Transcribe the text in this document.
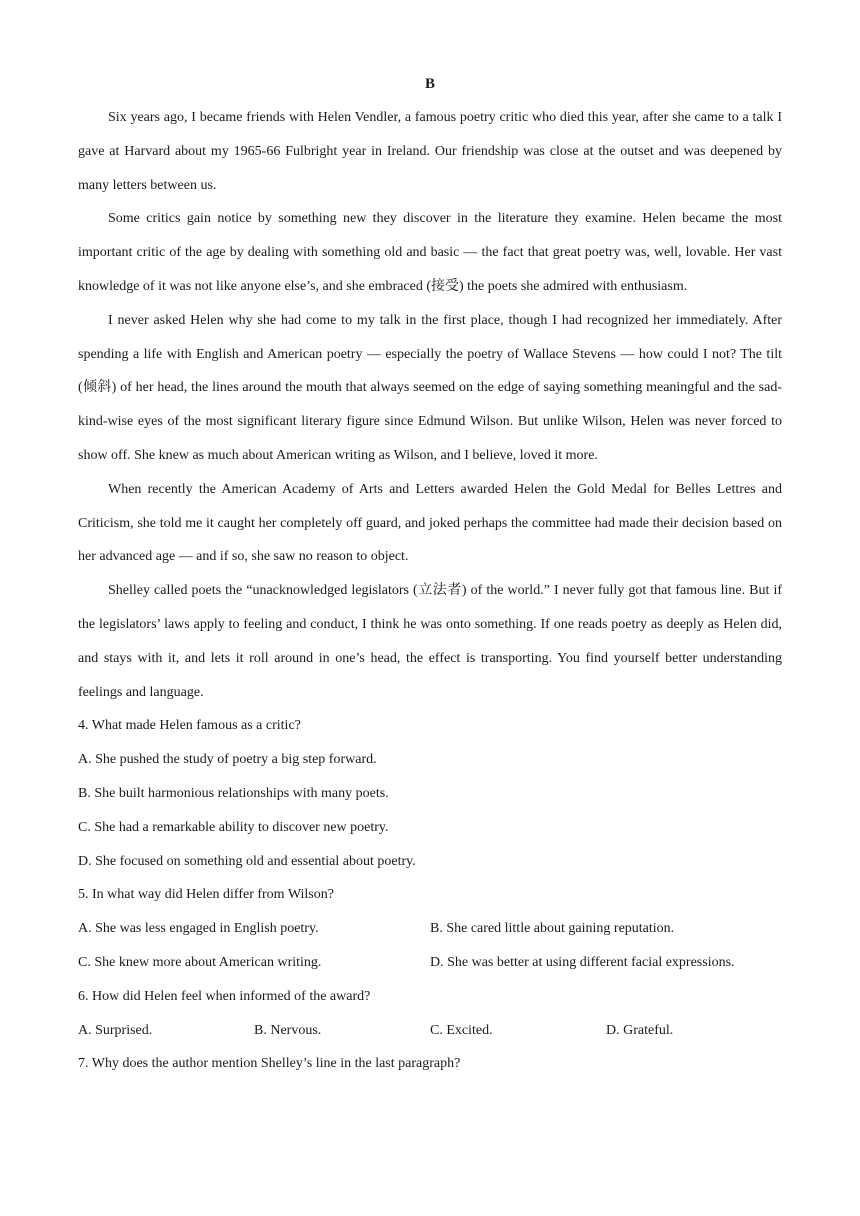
B

Six years ago, I became friends with Helen Vendler, a famous poetry critic who died this year, after she came to a talk I gave at Harvard about my 1965-66 Fulbright year in Ireland. Our friendship was close at the outset and was deepened by many letters between us.

Some critics gain notice by something new they discover in the literature they examine. Helen became the most important critic of the age by dealing with something old and basic — the fact that great poetry was, well, lovable. Her vast knowledge of it was not like anyone else’s, and she embraced (接受) the poets she admired with enthusiasm.

I never asked Helen why she had come to my talk in the first place, though I had recognized her immediately. After spending a life with English and American poetry — especially the poetry of Wallace Stevens — how could I not? The tilt (倾斜) of her head, the lines around the mouth that always seemed on the edge of saying something meaningful and the sad-kind-wise eyes of the most significant literary figure since Edmund Wilson. But unlike Wilson, Helen was never forced to show off. She knew as much about American writing as Wilson, and I believe, loved it more.

When recently the American Academy of Arts and Letters awarded Helen the Gold Medal for Belles Lettres and Criticism, she told me it caught her completely off guard, and joked perhaps the committee had made their decision based on her advanced age — and if so, she saw no reason to object.

Shelley called poets the “unacknowledged legislators (立法者) of the world.” I never fully got that famous line. But if the legislators’ laws apply to feeling and conduct, I think he was onto something. If one reads poetry as deeply as Helen did, and stays with it, and lets it roll around in one’s head, the effect is transporting. You find yourself better understanding feelings and language.

4. What made Helen famous as a critic?

A. She pushed the study of poetry a big step forward.

B. She built harmonious relationships with many poets.

C. She had a remarkable ability to discover new poetry.

D. She focused on something old and essential about poetry.

5. In what way did Helen differ from Wilson?

A. She was less engaged in English poetry.	B. She cared little about gaining reputation.
C. She knew more about American writing.	D. She was better at using different facial expressions.

6. How did Helen feel when informed of the award?

A. Surprised.	B. Nervous.	C. Excited.	D. Grateful.

7. Why does the author mention Shelley’s line in the last paragraph?
